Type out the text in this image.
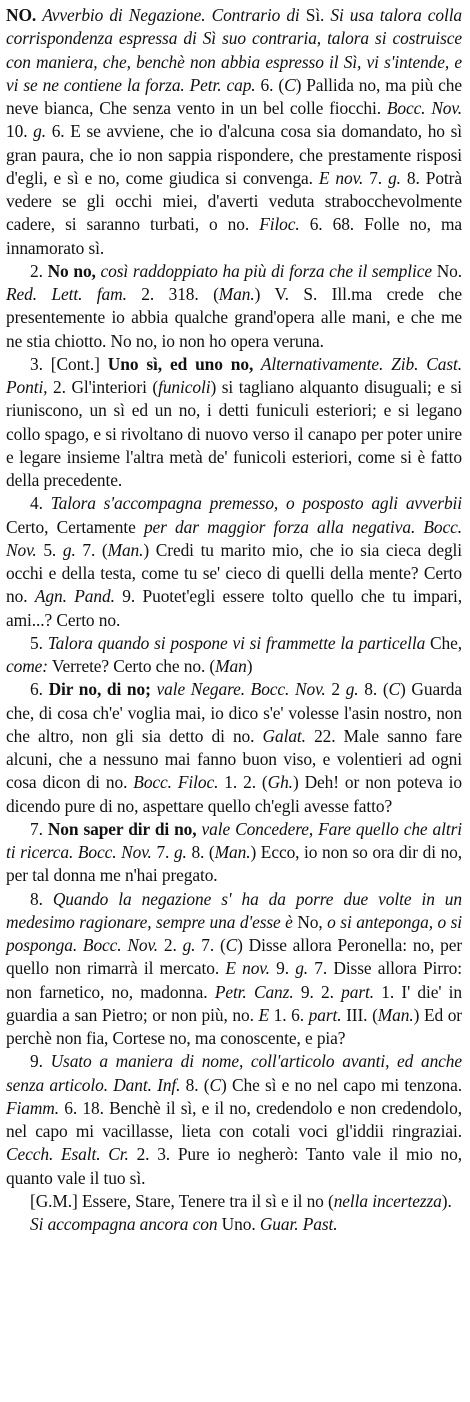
NO. Avverbio di Negazione. Contrario di Sì. Si usa talora colla corrispondenza espressa di Sì suo contraria, talora si costruisce con maniera, che, benchè non abbia espresso il Sì, vi s'intende, e vi se ne contiene la forza. Petr. cap. 6. (C) Pallida no, ma più che neve bianca, Che senza vento in un bel colle fiocchi. Bocc. Nov. 10. g. 6. E se avviene, che io d'alcuna cosa sia domandato, ho sì gran paura, che io non sappia rispondere, che prestamente risposi d'egli, e sì e no, come giudica si convenga. E nov. 7. g. 8. Potrà vedere se gli occhi miei, d'averti veduta strabocchevolmente cadere, si saranno turbati, o no. Filoc. 6. 68. Folle no, ma innamorato sì.

2. No no, così raddoppiato ha più di forza che il semplice No. Red. Lett. fam. 2. 318. (Man.) V. S. Ill.ma crede che presentemente io abbia qualche grand'opera alle mani, e che me ne stia chiotto. No no, io non ho opera veruna.

3. [Cont.] Uno sì, ed uno no, Alternativamente. Zib. Cast. Ponti, 2. Gl'interiori (funicoli) si tagliano alquanto disuguali; e si riuniscono, un sì ed un no, i detti funiculi esteriori; e si legano collo spago, e si rivoltano di nuovo verso il canapo per poter unire e legare insieme l'altra metà de' funicoli esteriori, come si è fatto della precedente.

4. Talora s'accompagna premesso, o posposto agli avverbii Certo, Certamente per dar maggior forza alla negativa. Bocc. Nov. 5. g. 7. (Man.) Credi tu marito mio, che io sia cieca degli occhi e della testa, come tu se' cieco di quelli della mente? Certo no. Agn. Pand. 9. Puotet'egli essere tolto quello che tu impari, ami...? Certo no.

5. Talora quando si pospone vi si frammette la particella Che, come: Verrete? Certo che no. (Man)

6. Dir no, di no; vale Negare. Bocc. Nov. 2 g. 8. (C) Guarda che, di cosa ch'e' voglia mai, io dico s'e' volesse l'asin nostro, non che altro, non gli sia detto di no. Galat. 22. Male sanno fare alcuni, che a nessuno mai fanno buon viso, e volentieri ad ogni cosa dicon di no. Bocc. Filoc. 1. 2. (Gh.) Deh! or non poteva io dicendo pure di no, aspettare quello ch'egli avesse fatto?

7. Non saper dir di no, vale Concedere, Fare quello che altri ti ricerca. Bocc. Nov. 7. g. 8. (Man.) Ecco, io non so ora dir di no, per tal donna me n'hai pregato.

8. Quando la negazione s' ha da porre due volte in un medesimo ragionare, sempre una d'esse è No, o si anteponga, o si posponga. Bocc. Nov. 2. g. 7. (C) Disse allora Peronella: no, per quello non rimarrà il mercato. E nov. 9. g. 7. Disse allora Pirro: non farnetico, no, madonna. Petr. Canz. 9. 2. part. 1. I' die' in guardia a san Pietro; or non più, no. E 1. 6. part. III. (Man.) Ed or perchè non fia, Cortese no, ma conoscente, e pia?

9. Usato a maniera di nome, coll'articolo avanti, ed anche senza articolo. Dant. Inf. 8. (C) Che sì e no nel capo mi tenzona. Fiamm. 6. 18. Benchè il sì, e il no, credendolo e non credendolo, nel capo mi vacillasse, lieta con cotali voci gl'iddii ringraziai. Cecch. Esalt. Cr. 2. 3. Pure io negherò: Tanto vale il mio no, quanto vale il tuo sì.

[G.M.] Essere, Stare, Tenere tra il sì e il no (nella incertezza).

Si accompagna ancora con Uno. Guar. Past.
